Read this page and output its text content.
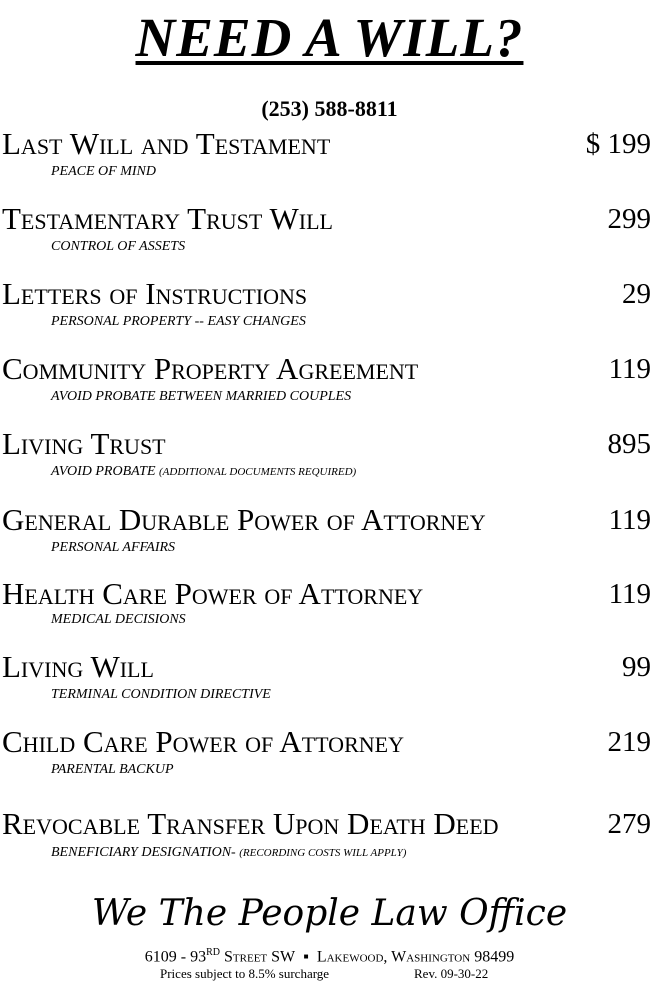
NEED A WILL?
(253) 588-8811
Last Will and Testament	$ 199
PEACE OF MIND
Testamentary Trust Will	299
CONTROL OF ASSETS
Letters of Instructions	29
PERSONAL PROPERTY -- EASY CHANGES
Community Property Agreement	119
AVOID PROBATE BETWEEN MARRIED COUPLES
Living Trust	895
AVOID PROBATE (ADDITIONAL DOCUMENTS REQUIRED)
General Durable Power of Attorney	119
PERSONAL AFFAIRS
Health Care Power of Attorney	119
MEDICAL DECISIONS
Living Will	99
TERMINAL CONDITION DIRECTIVE
Child Care Power of Attorney	219
PARENTAL BACKUP
Revocable Transfer Upon Death Deed	279
BENEFICIARY DESIGNATION- (RECORDING COSTS WILL APPLY)
We The People Law Office
6109 - 93RD Street SW ▪ Lakewood, Washington 98499
Prices subject to 8.5% surcharge	Rev. 09-30-22
